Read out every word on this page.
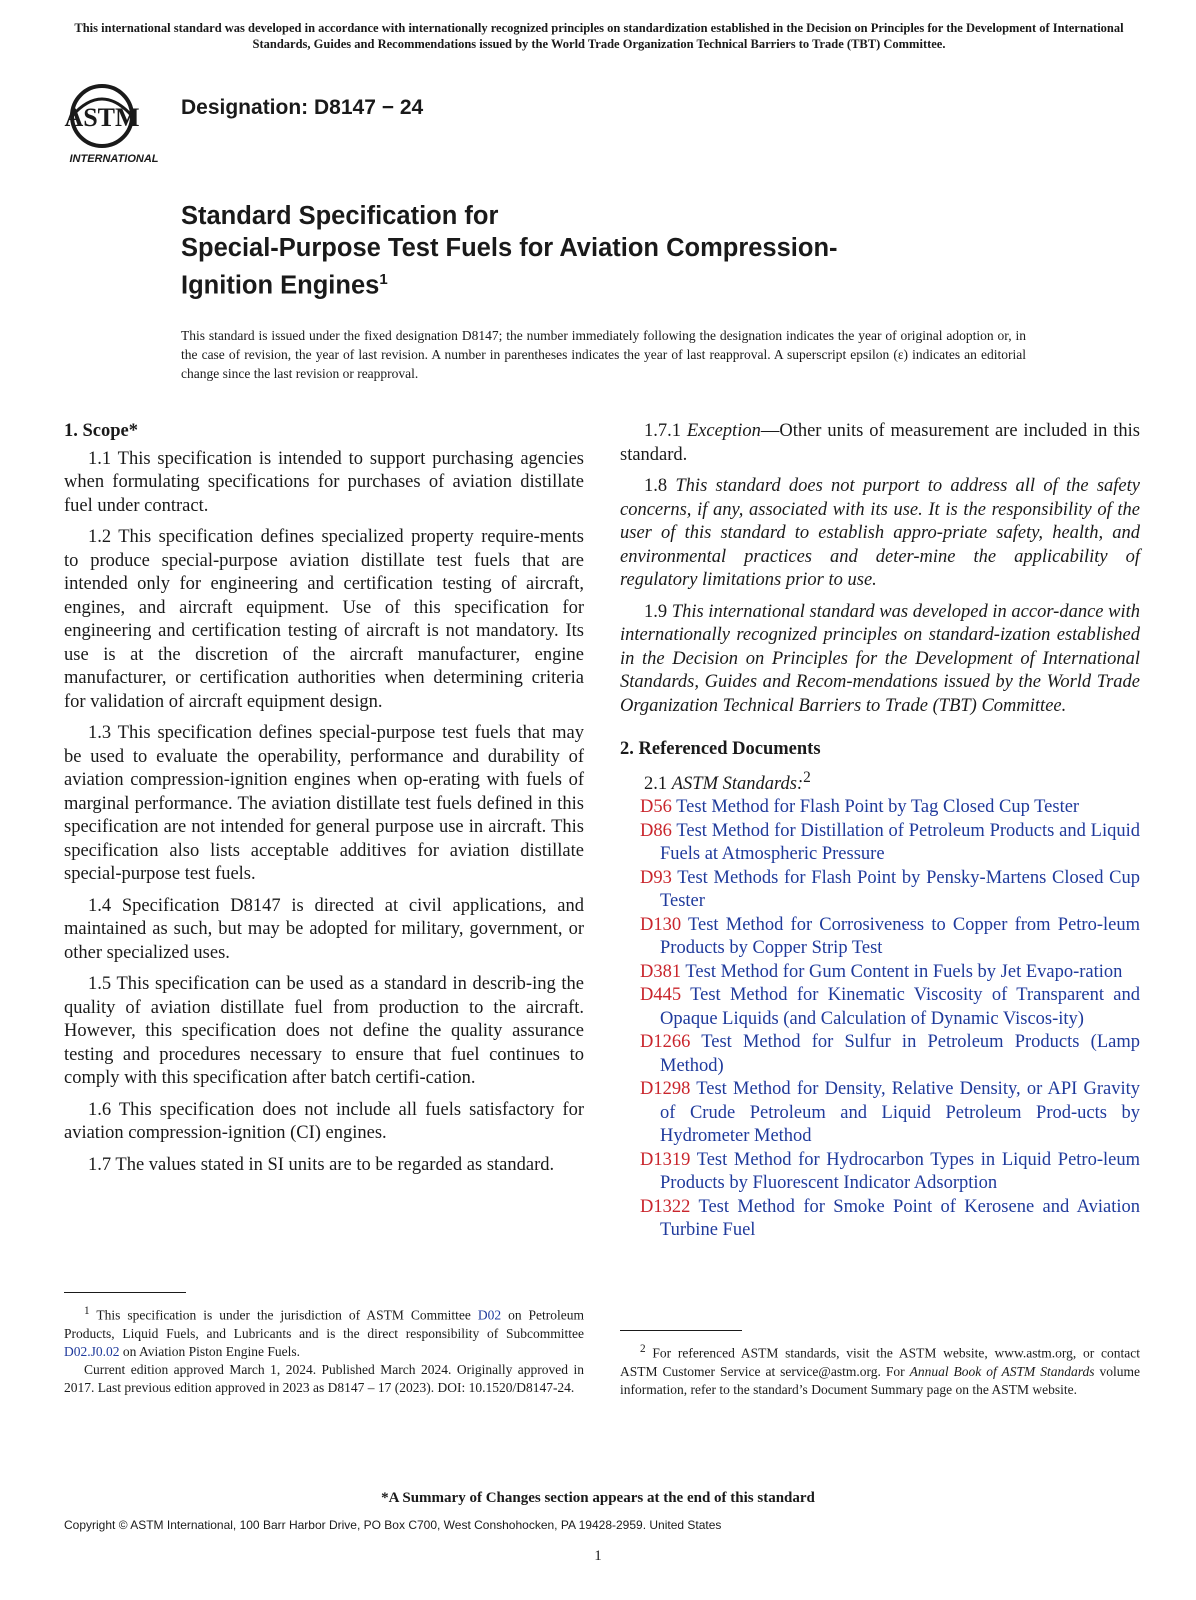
This international standard was developed in accordance with internationally recognized principles on standardization established in the Decision on Principles for the Development of International Standards, Guides and Recommendations issued by the World Trade Organization Technical Barriers to Trade (TBT) Committee.
ASTM
INTERNATIONAL
Designation: D8147 − 24
Standard Specification for
Special-Purpose Test Fuels for Aviation Compression-
Ignition Engines$^1$
This standard is issued under the fixed designation D8147; the number immediately following the designation indicates the year of original adoption or, in the case of revision, the year of last revision. A number in parentheses indicates the year of last reapproval. A superscript epsilon (ε) indicates an editorial change since the last revision or reapproval.
1. Scope*

1.1 This specification is intended to support purchasing agencies when formulating specifications for purchases of aviation distillate fuel under contract.

1.2 This specification defines specialized property require-ments to produce special-purpose aviation distillate test fuels that are intended only for engineering and certification testing of aircraft, engines, and aircraft equipment. Use of this specification for engineering and certification testing of aircraft is not mandatory. Its use is at the discretion of the aircraft manufacturer, engine manufacturer, or certification authorities when determining criteria for validation of aircraft equipment design.

1.3 This specification defines special-purpose test fuels that may be used to evaluate the operability, performance and durability of aviation compression-ignition engines when op-erating with fuels of marginal performance. The aviation distillate test fuels defined in this specification are not intended for general purpose use in aircraft. This specification also lists acceptable additives for aviation distillate special-purpose test fuels.

1.4 Specification D8147 is directed at civil applications, and maintained as such, but may be adopted for military, government, or other specialized uses.

1.5 This specification can be used as a standard in describ-ing the quality of aviation distillate fuel from production to the aircraft. However, this specification does not define the quality assurance testing and procedures necessary to ensure that fuel continues to comply with this specification after batch certifi-cation.

1.6 This specification does not include all fuels satisfactory for aviation compression-ignition (CI) engines.

1.7 The values stated in SI units are to be regarded as standard.

$^1$ This specification is under the jurisdiction of ASTM Committee D02 on Petroleum Products, Liquid Fuels, and Lubricants and is the direct responsibility of Subcommittee D02.J0.02 on Aviation Piston Engine Fuels.

Current edition approved March 1, 2024. Published March 2024. Originally approved in 2017. Last previous edition approved in 2023 as D8147 – 17 (2023). DOI: 10.1520/D8147-24.

1.7.1 Exception—Other units of measurement are included in this standard.

1.8 This standard does not purport to address all of the safety concerns, if any, associated with its use. It is the responsibility of the user of this standard to establish appro-priate safety, health, and environmental practices and deter-mine the applicability of regulatory limitations prior to use.

1.9 This international standard was developed in accor-dance with internationally recognized principles on standard-ization established in the Decision on Principles for the Development of International Standards, Guides and Recom-mendations issued by the World Trade Organization Technical Barriers to Trade (TBT) Committee.

2. Referenced Documents

2.1 ASTM Standards:$^2$

D56 Test Method for Flash Point by Tag Closed Cup Tester
D86 Test Method for Distillation of Petroleum Products and Liquid Fuels at Atmospheric Pressure
D93 Test Methods for Flash Point by Pensky-Martens Closed Cup Tester
D130 Test Method for Corrosiveness to Copper from Petro-leum Products by Copper Strip Test
D381 Test Method for Gum Content in Fuels by Jet Evapo-ration
D445 Test Method for Kinematic Viscosity of Transparent and Opaque Liquids (and Calculation of Dynamic Viscos-ity)
D1266 Test Method for Sulfur in Petroleum Products (Lamp Method)
D1298 Test Method for Density, Relative Density, or API Gravity of Crude Petroleum and Liquid Petroleum Prod-ucts by Hydrometer Method
D1319 Test Method for Hydrocarbon Types in Liquid Petro-leum Products by Fluorescent Indicator Adsorption
D1322 Test Method for Smoke Point of Kerosene and Aviation Turbine Fuel

$^2$ For referenced ASTM standards, visit the ASTM website, www.astm.org, or contact ASTM Customer Service at service@astm.org. For Annual Book of ASTM Standards volume information, refer to the standard’s Document Summary page on the ASTM website.

*A Summary of Changes section appears at the end of this standard
Copyright © ASTM International, 100 Barr Harbor Drive, PO Box C700, West Conshohocken, PA 19428-2959. United States
1
